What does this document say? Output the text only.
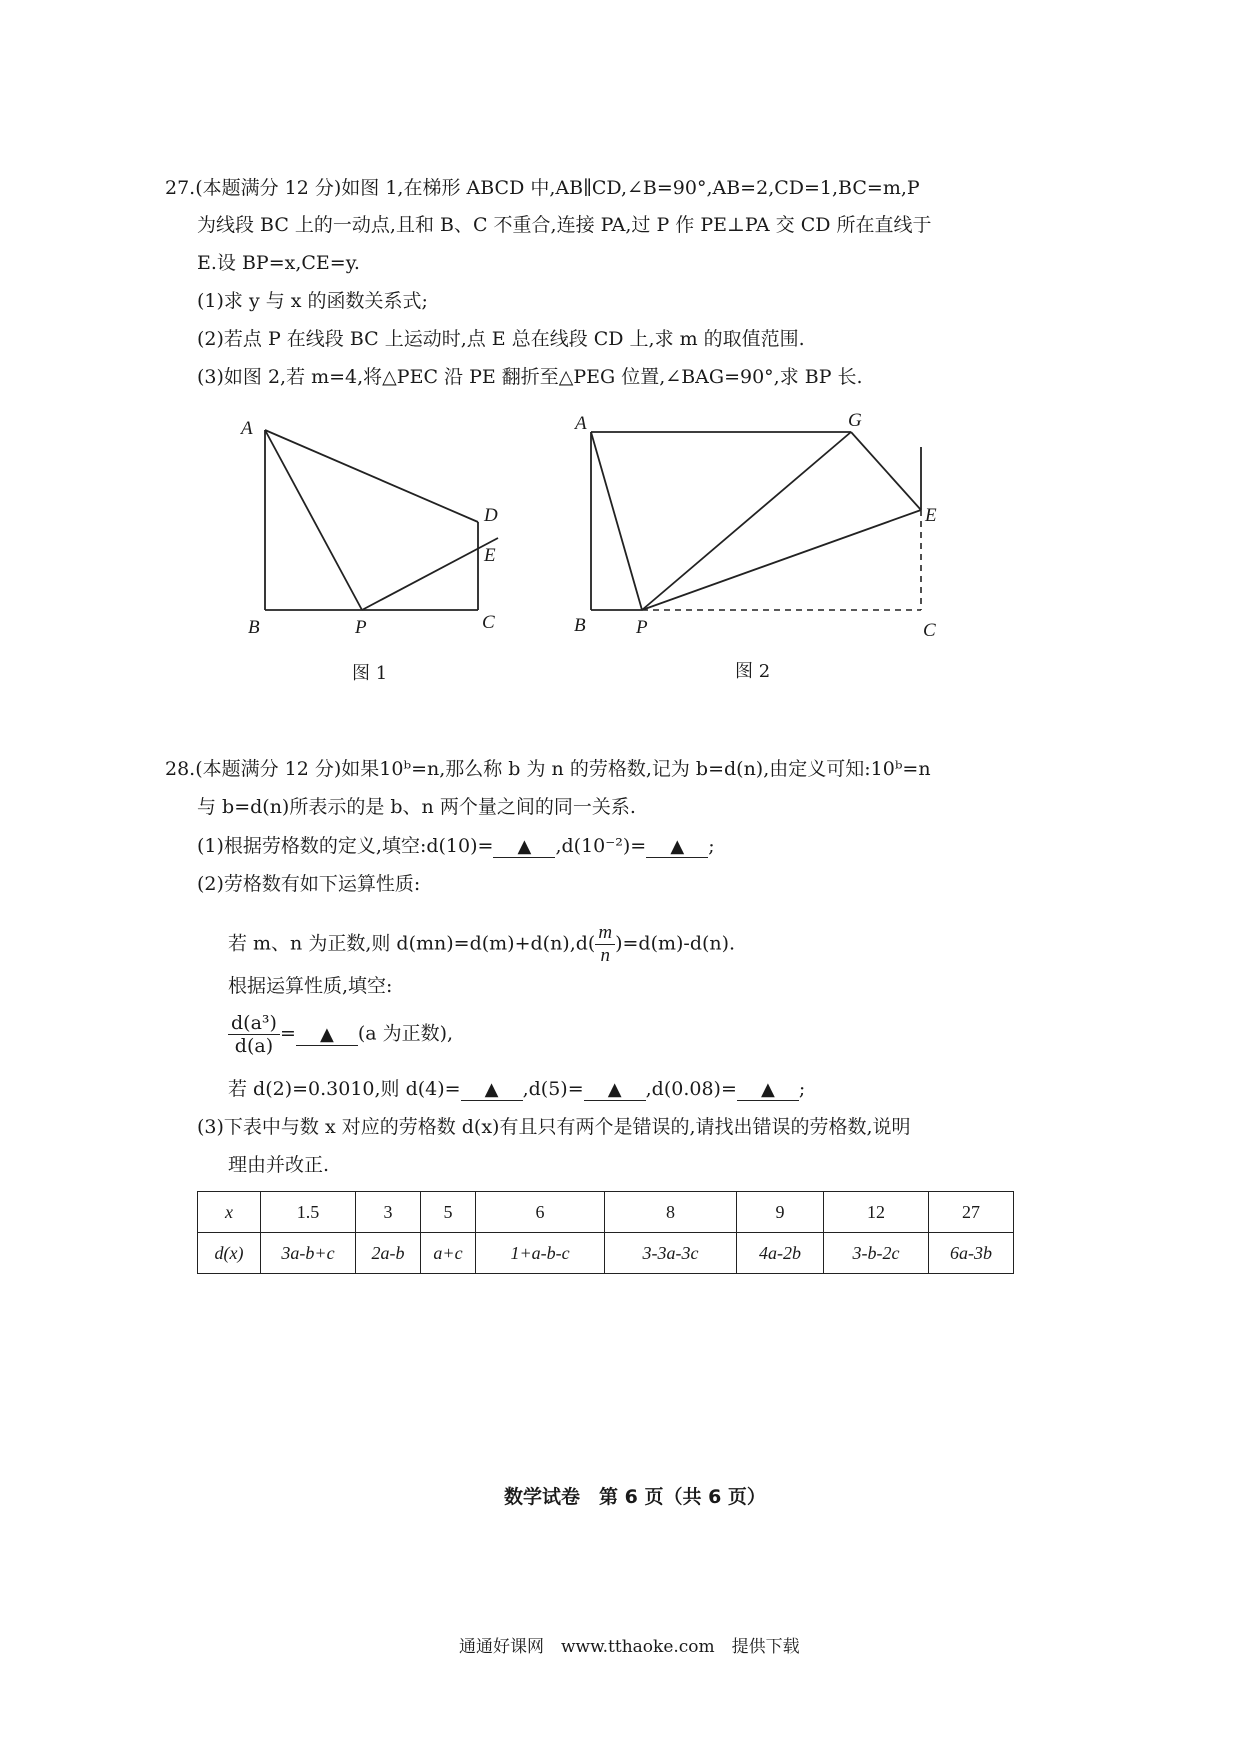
27.(本题满分 12 分)如图 1,在梯形 ABCD 中,AB∥CD,∠B=90°,AB=2,CD=1,BC=m,P
为线段 BC 上的一动点,且和 B、C 不重合,连接 PA,过 P 作 PE⊥PA 交 CD 所在直线于
E.设 BP=x,CE=y.
(1)求 y 与 x 的函数关系式;
(2)若点 P 在线段 BC 上运动时,点 E 总在线段 CD 上,求 m 的取值范围.
(3)如图 2,若 m=4,将△PEC 沿 PE 翻折至△PEG 位置,∠BAG=90°,求 BP 长.
A
D
E
B	P	C
图 1
A	G
E
B	P	C
图 2
28.(本题满分 12 分)如果10ᵇ=n,那么称 b 为 n 的劳格数,记为 b=d(n),由定义可知:10ᵇ=n
与 b=d(n)所表示的是 b、n 两个量之间的同一关系.
(1)根据劳格数的定义,填空:d(10)= ▲ ,d(10⁻²)= ▲ ;
(2)劳格数有如下运算性质:
若 m、n 为正数,则 $d(mn)=d(m)+d(n),d( \frac{m}{n} )=d(m)-d(n)$.
根据运算性质,填空:
$\frac{\text{d(a³)}}{d(a)}$ = ▲ (a 为正数),
若 d(2)=0.3010,则 d(4)= ▲ ,d(5)= ▲ ,d(0.08)= ▲ ;
(3)下表中与数 x 对应的劳格数 d(x)有且只有两个是错误的,请找出错误的劳格数,说明
理由并改正.
x	1.5	3	5	6	8	9	12	27
d(x)	3a-b+c	2a-b	a+c	1+a-b-c	3-3a-3c	4a-2b	3-b-2c	6a-3b
数学试卷　第 6 页（共 6 页）
通通好课网　www.tthaoke.com　提供下载
